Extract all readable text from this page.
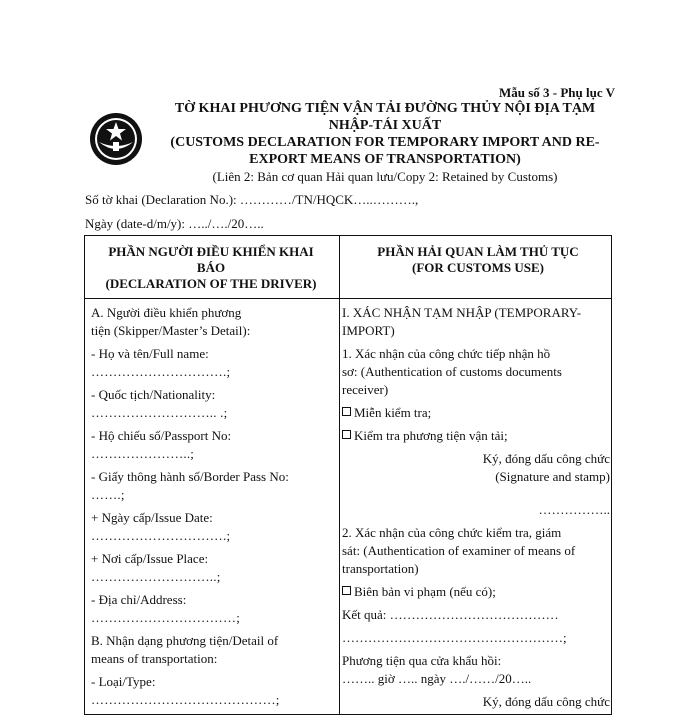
Mẫu số 3 - Phụ lục V
TỜ KHAI PHƯƠNG TIỆN VẬN TẢI ĐƯỜNG THỦY NỘI ĐỊA TẠM
NHẬP-TÁI XUẤT
(CUSTOMS DECLARATION FOR TEMPORARY IMPORT AND RE-
EXPORT MEANS OF TRANSPORTATION)
(Liên 2: Bản cơ quan Hải quan lưu/Copy 2: Retained by Customs)
Số tờ khai (Declaration No.): …………/TN/HQCK…..……….,
Ngày (date-d/m/y): …../…./20…..
PHẦN NGƯỜI ĐIỀU KHIỂN KHAI
BÁO
(DECLARATION OF THE DRIVER)
PHẦN HẢI QUAN LÀM THỦ TỤC
(FOR CUSTOMS USE)

A. Người điều khiển phương

tiện (Skipper/Master’s Detail):

- Họ và tên/Full name:

………………………….;

- Quốc tịch/Nationality:

……………………….. .;

- Hộ chiếu số/Passport No:

…………………..;

- Giấy thông hành số/Border Pass No:

…….;

+ Ngày cấp/Issue Date:

………………………….;

+ Nơi cấp/Issue Place:

………………………..;

- Địa chỉ/Address:

……………………………;

B. Nhận dạng phương tiện/Detail of

means of transportation:

- Loại/Type:

……………………………………;

I. XÁC NHẬN TẠM NHẬP (TEMPORARY-

IMPORT)

1. Xác nhận của công chức tiếp nhận hồ

sơ: (Authentication of customs documents

receiver)

Miễn kiểm tra;

Kiểm tra phương tiện vận tải;

Ký, đóng dấu công chức

(Signature and stamp)

……………..

2. Xác nhận của công chức kiểm tra, giám

sát: (Authentication of examiner of means of

transportation)

Biên bản vi phạm (nếu có);

Kết quả: …………………………………

……………………………………………;

Phương tiện qua cửa khẩu hồi:

…….. giờ ….. ngày …./……/20…..

Ký, đóng dấu công chức
